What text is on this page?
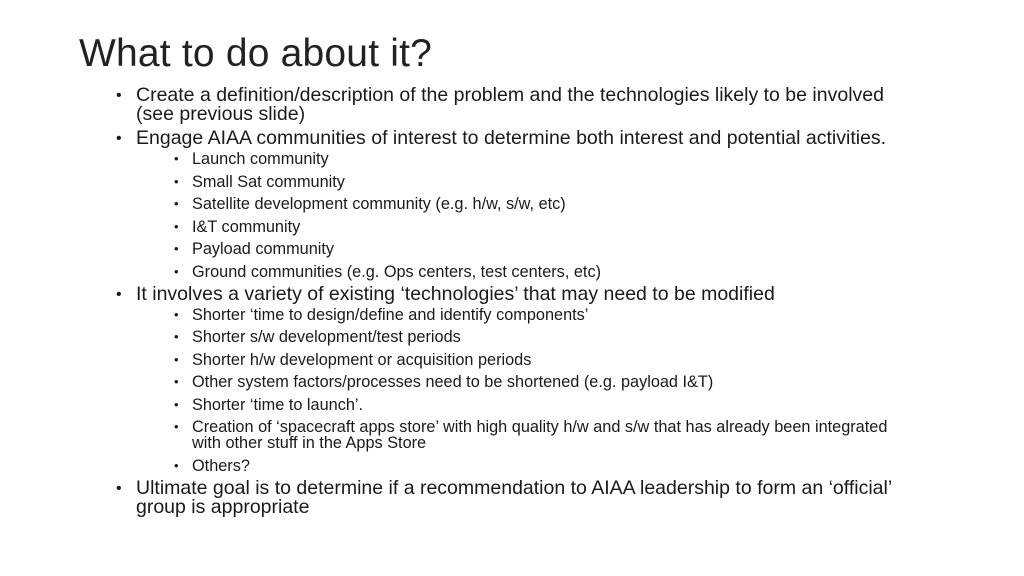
What to do about it?
• Create a definition/description of the problem and the technologies likely to be involved (see previous slide)
• Engage AIAA communities of interest to determine both interest and potential activities.
• Launch community
• Small Sat community
• Satellite development community (e.g. h/w, s/w, etc)
• I&T community
• Payload community
• Ground communities (e.g. Ops centers, test centers, etc)
• It involves a variety of existing ‘technologies’ that may need to be modified
• Shorter ‘time to design/define and identify components’
• Shorter s/w development/test periods
• Shorter h/w development or acquisition periods
• Other system factors/processes need to be shortened (e.g. payload I&T)
• Shorter ‘time to launch’.
• Creation of ‘spacecraft apps store’ with high quality h/w and s/w that has already been integrated with other stuff in the Apps Store
• Others?
• Ultimate goal is to determine if a recommendation to AIAA leadership to form an ‘official’ group is appropriate
